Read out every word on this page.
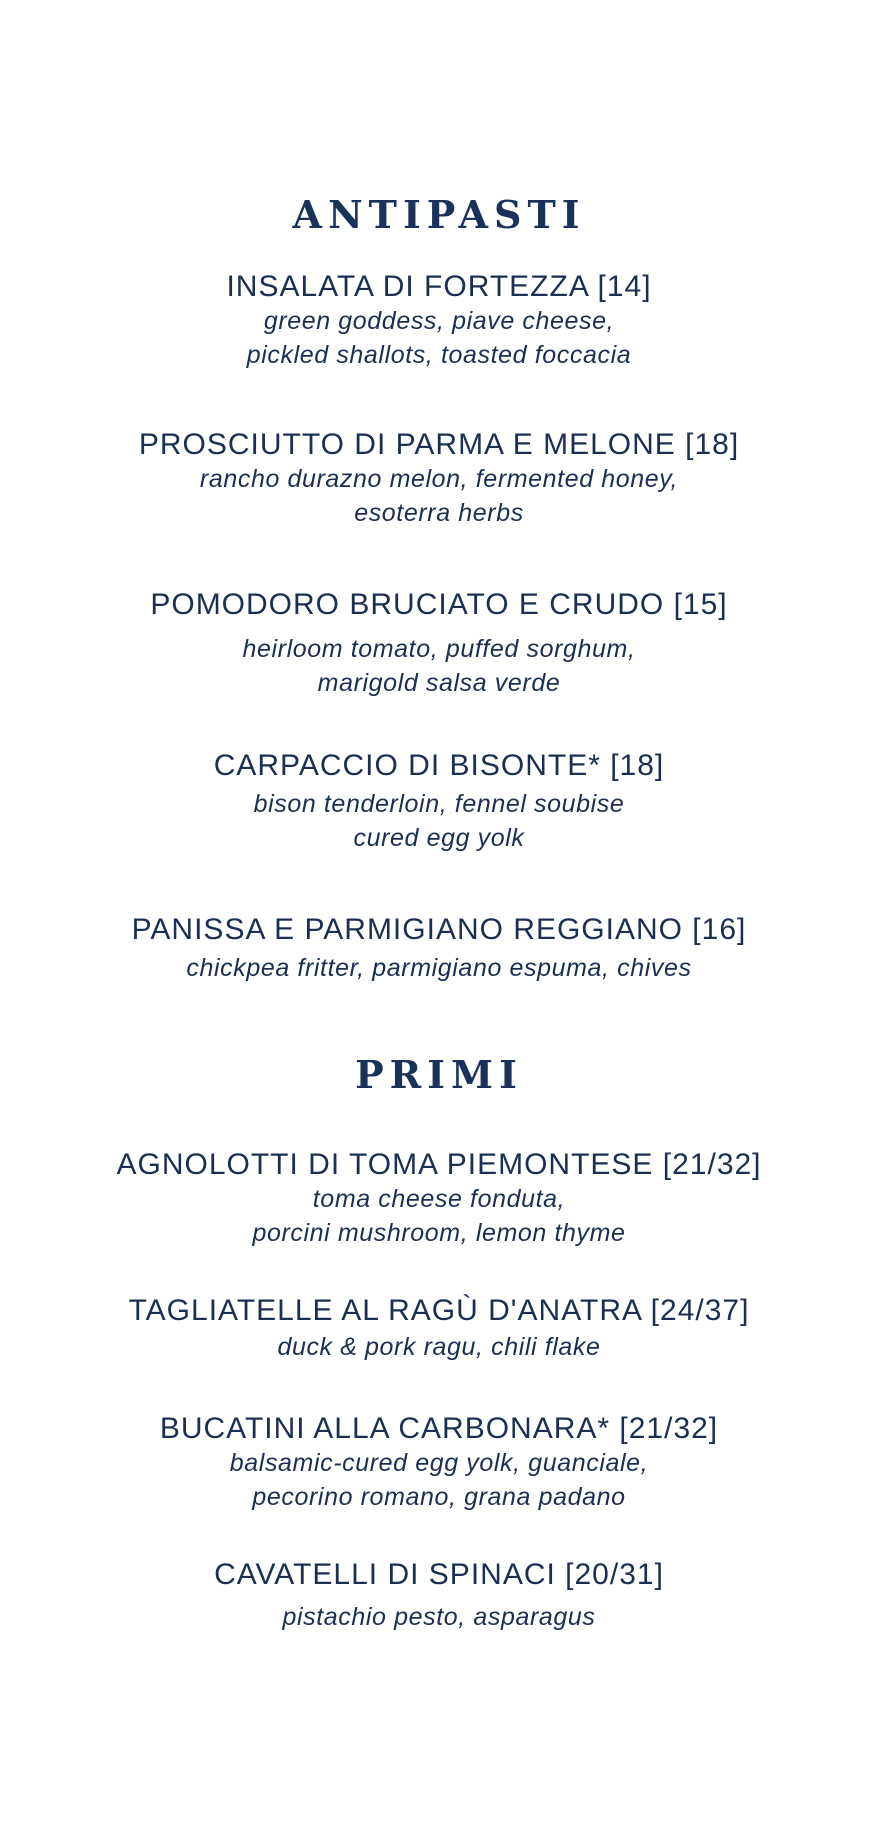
ANTIPASTI
INSALATA DI FORTEZZA [14]
green goddess, piave cheese,
pickled shallots, toasted foccacia
PROSCIUTTO DI PARMA E MELONE [18]
rancho durazno melon, fermented honey,
esoterra herbs
POMODORO BRUCIATO E CRUDO [15]
heirloom tomato, puffed sorghum,
marigold salsa verde
CARPACCIO DI BISONTE* [18]
bison tenderloin, fennel soubise
cured egg yolk
PANISSA E PARMIGIANO REGGIANO [16]
chickpea fritter, parmigiano espuma, chives
PRIMI
AGNOLOTTI DI TOMA PIEMONTESE [21/32]
toma cheese fonduta,
porcini mushroom, lemon thyme
TAGLIATELLE AL RAGÙ D'ANATRA [24/37]
duck & pork ragu, chili flake
BUCATINI ALLA CARBONARA* [21/32]
balsamic-cured egg yolk, guanciale,
pecorino romano, grana padano
CAVATELLI DI SPINACI [20/31]
pistachio pesto, asparagus
